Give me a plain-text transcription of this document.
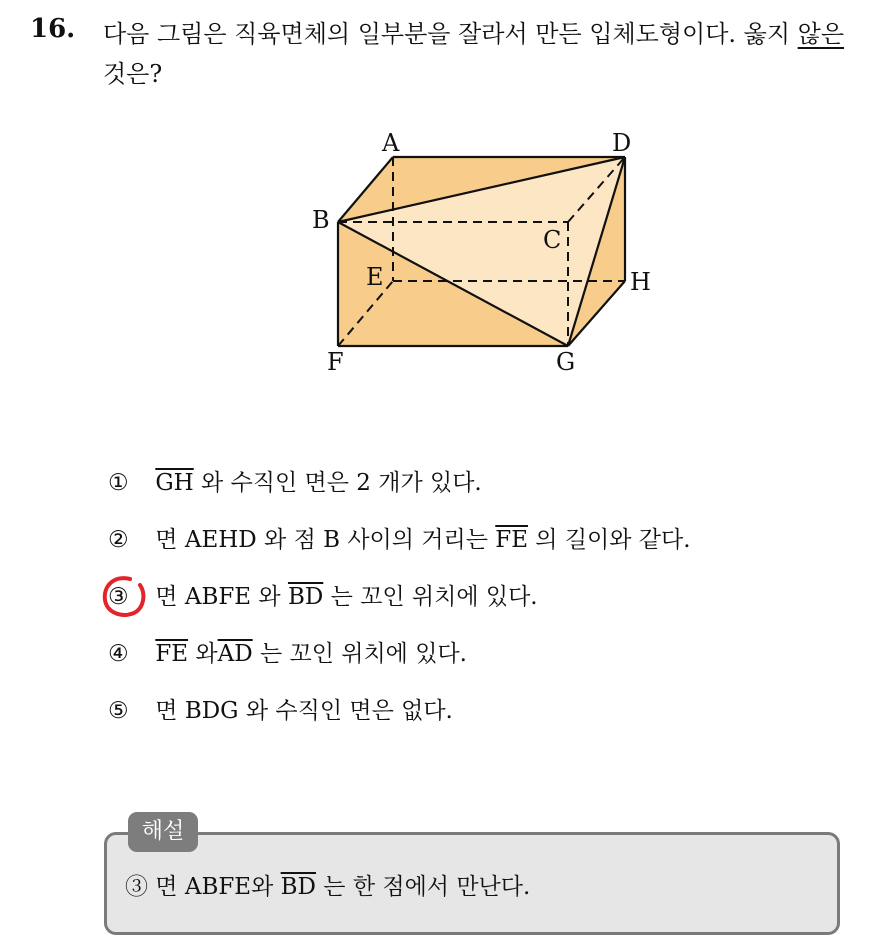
16. 다음 그림은 직육면체의 일부분을 잘라서 만든 입체도형이다. 옳지 않은 것은?
A	D
B
C
E	H
F	G
① $\overline{GH}$ 와 수직인 면은 2 개가 있다.
② 면 AEHD 와 점 B 사이의 거리는 $\overline{FE}$ 의 길이와 같다.
③ 면 ABFE 와 $\overline{BD}$ 는 꼬인 위치에 있다.
④ $\overline{FE}$ 와$\overline{AD}$ 는 꼬인 위치에 있다.
⑤ 면 BDG 와 수직인 면은 없다.
해설
③ 면 ABFE와 $\overline{BD}$ 는 한 점에서 만난다.
